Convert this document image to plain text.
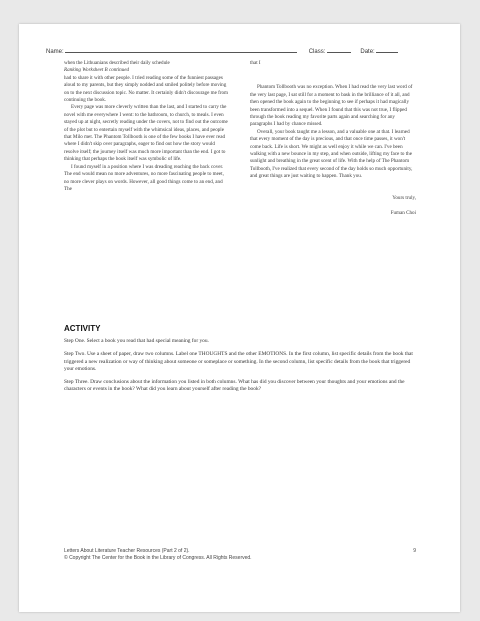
Name:	Class:	Date:

when the Lithuanians described their daily schedule

Ranking Worksheet B continued

had to share it with other people. I tried reading some of the funniest passages aloud to my parents, but they simply nodded and smiled politely before moving on to the next discussion topic. No matter. It certainly didn't discourage me from continuing the book.

Every page was more cleverly written than the last, and I started to carry the novel with me everywhere I went: to the bathroom, to church, to meals. I even stayed up at night, secretly reading under the covers, not to find out the outcome of the plot but to entertain myself with the whimsical ideas, places, and people that Milo met. The Phantom Tollbooth is one of the few books I have ever read where I didn't skip over paragraphs, eager to find out how the story would resolve itself; the journey itself was much more important than the end. I got to thinking that perhaps the book itself was symbolic of life.

I found myself in a position where I was dreading reaching the back cover. The end would mean no more adventures, no more fascinating people to meet, no more clever plays on words. However, all good things come to an end, and The

that I

Phantom Tollbooth was no exception. When I had read the very last word of the very last page, I sat still for a moment to bask in the brilliance of it all, and then opened the book again to the beginning to see if perhaps it had magically been transformed into a sequel. When I found that this was not true, I flipped through the book reading my favorite parts again and searching for any paragraphs I had by chance missed.

Overall, your book taught me a lesson, and a valuable one at that. I learned that every moment of the day is precious, and that once time passes, it won't come back. Life is short. We might as well enjoy it while we can. I've been walking with a new bounce in my step, and when outside, lifting my face to the sunlight and breathing in the great scent of life. With the help of The Phantom Tollbooth, I've realized that every second of the day holds so much opportunity, and great things are just waiting to happen. Thank you.

Yours truly,

Fuman Choi

ACTIVITY

Step One. Select a book you read that had special meaning for you.

Step Two. Use a sheet of paper, draw two columns. Label one THOUGHTS and the other EMOTIONS. In the first column, list specific details from the book that triggered a new realization or way of thinking about someone or someplace or something. In the second column, list specific details from the book that triggered your emotions.

Step Three. Draw conclusions about the information you listed in both columns. What has did you discover between your thoughts and your emotions and the characters or events in the book? What did you learn about yourself after reading the book?

Letters About Literature Teacher Resources (Part 2 of 2).
© Copyright The Center for the Book in the Library of Congress. All Rights Reserved.
9
